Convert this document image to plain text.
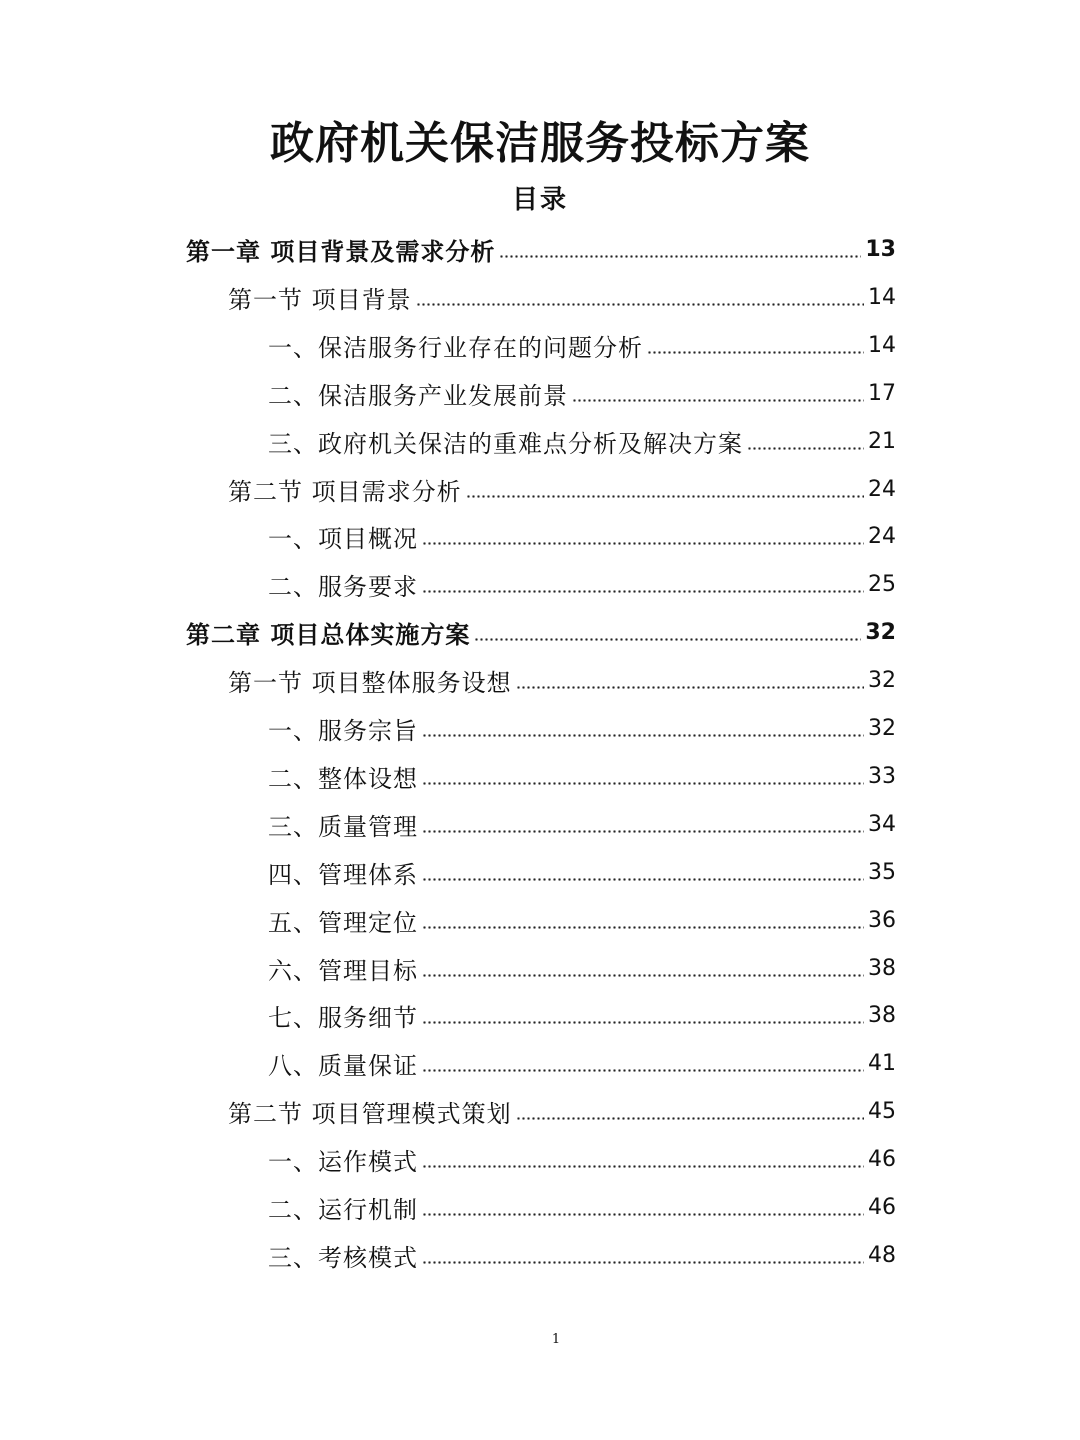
政府机关保洁服务投标方案
目录
第一章 项目背景及需求分析	13
第一节 项目背景	14
一、保洁服务行业存在的问题分析	14
二、保洁服务产业发展前景	17
三、政府机关保洁的重难点分析及解决方案	21
第二节 项目需求分析	24
一、项目概况	24
二、服务要求	25
第二章 项目总体实施方案	32
第一节 项目整体服务设想	32
一、服务宗旨	32
二、整体设想	33
三、质量管理	34
四、管理体系	35
五、管理定位	36
六、管理目标	38
七、服务细节	38
八、质量保证	41
第二节 项目管理模式策划	45
一、运作模式	46
二、运行机制	46
三、考核模式	48
1
